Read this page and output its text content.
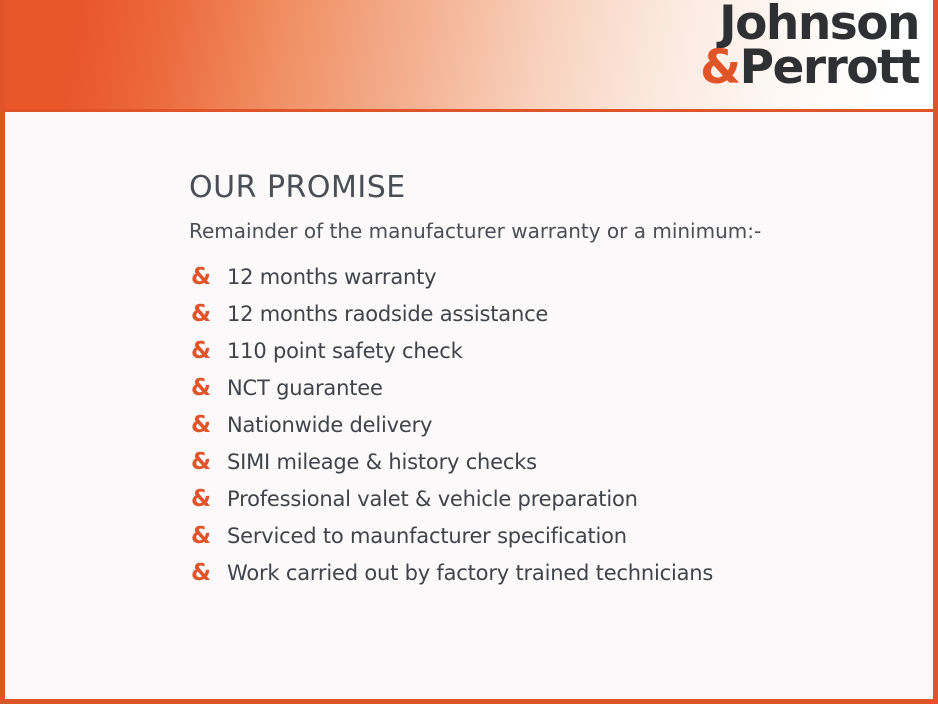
Johnson
&Perrott
OUR PROMISE

Remainder of the manufacturer warranty or a minimum:-

& 12 months warranty
& 12 months raodside assistance
& 110 point safety check
& NCT guarantee
& Nationwide delivery
& SIMI mileage & history checks
& Professional valet & vehicle preparation
& Serviced to maunfacturer specification
& Work carried out by factory trained technicians
